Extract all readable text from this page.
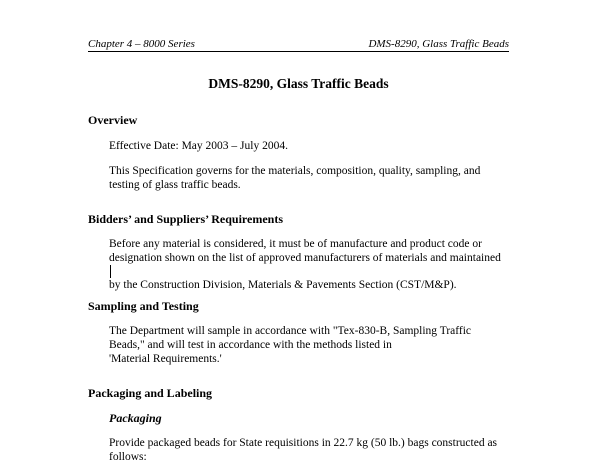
Chapter 4 – 8000 Series	DMS-8290, Glass Traffic Beads
DMS-8290, Glass Traffic Beads
Overview
Effective Date: May 2003 – July 2004.
This Specification governs for the materials, composition, quality, sampling, and
testing of glass traffic beads.
Bidders’ and Suppliers’ Requirements
Before any material is considered, it must be of manufacture and product code or
designation shown on the list of approved manufacturers of materials and maintained
by the Construction Division, Materials & Pavements Section (CST/M&P).
Sampling and Testing
The Department will sample in accordance with "Tex-830-B, Sampling Traffic
Beads," and will test in accordance with the methods listed in
'Material Requirements.'
Packaging and Labeling
Packaging
Provide packaged beads for State requisitions in 22.7 kg (50 lb.) bags constructed as
follows:
